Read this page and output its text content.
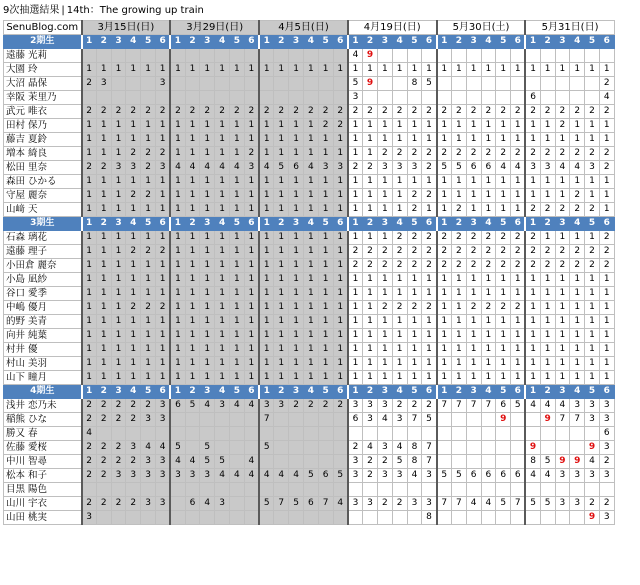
9次抽選結果 | 14th：The growing up train
SenuBlog.com	3月15日(日)						3月29日(日)						4月5日(日)						4月19日(日)						5月30日(土)						5月31日(日)					
2期生	1	2	3	4	5	6	1	2	3	4	5	6	1	2	3	4	5	6	1	2	3	4	5	6	1	2	3	4	5	6	1	2	3	4	5	6
遠藤 光莉																			4	9																
大園 玲	1	1	1	1	1	1	1	1	1	1	1	1	1	1	1	1	1	1	1	1	1	1	1	1	1	1	1	1	1	1	1	1	1	1	1	1
大沼 晶保	2	3				3													5	9			8	5												2
幸阪 茉里乃																			3												6					4
武元 唯衣	2	2	2	2	2	2	2	2	2	2	2	2	2	2	2	2	2	2	2	2	2	2	2	2	2	2	2	2	2	2	2	2	2	2	2	2
田村 保乃	1	1	1	1	1	1	1	1	1	1	1	1	1	1	1	1	2	2	1	1	1	1	1	1	1	1	1	1	1	1	1	1	2	1	1	1
藤吉 夏鈴	1	1	1	1	1	1	1	1	1	1	1	1	1	1	1	1	1	1	1	1	1	1	1	1	1	1	1	1	1	1	1	1	1	1	1	1
増本 綺良	1	1	1	2	2	2	1	1	1	1	1	2	1	1	1	1	1	1	1	1	2	2	2	2	2	2	2	2	2	2	2	2	2	2	2	2
松田 里奈	2	2	3	3	2	3	4	4	4	4	4	3	4	5	6	4	3	3	2	2	3	3	3	2	5	5	6	6	4	4	3	3	4	4	3	2
森田 ひかる	1	1	1	1	1	1	1	1	1	1	1	1	1	1	1	1	1	1	1	1	1	1	1	1	1	1	1	1	1	1	1	1	1	1	1	1
守屋 麗奈	1	1	1	2	2	1	1	1	1	1	1	1	1	1	1	1	1	1	1	1	1	1	2	2	1	1	1	1	1	1	1	1	1	2	1	1
山﨑 天	1	1	1	1	1	1	1	1	1	1	1	1	1	1	1	1	1	1	1	1	1	1	2	1	1	2	1	1	1	1	2	2	2	2	2	1
3期生	1	2	3	4	5	6	1	2	3	4	5	6	1	2	3	4	5	6	1	2	3	4	5	6	1	2	3	4	5	6	1	2	3	4	5	6
石森 璃花	1	1	1	1	1	1	1	1	1	1	1	1	1	1	1	1	1	1	1	1	1	2	2	2	2	2	2	2	2	2	2	1	1	1	1	2
遠藤 理子	1	1	1	2	2	2	1	1	1	1	1	1	1	1	1	1	1	1	2	2	2	2	2	2	2	2	2	2	2	2	2	2	2	2	2	2
小田倉 麗奈	1	1	1	1	1	1	1	1	1	1	1	1	1	1	1	1	1	1	2	2	2	2	2	2	2	2	2	2	2	2	2	2	2	2	2	2
小島 凪紗	1	1	1	1	1	1	1	1	1	1	1	1	1	1	1	1	1	1	1	1	1	1	1	1	1	1	1	1	1	1	1	1	1	1	1	1
谷口 愛季	1	1	1	1	1	1	1	1	1	1	1	1	1	1	1	1	1	1	1	1	1	1	1	1	1	1	1	1	1	1	1	1	1	1	1	1
中嶋 優月	1	1	1	2	2	2	1	1	1	1	1	1	1	1	1	1	1	1	1	1	2	2	2	2	1	1	2	2	2	2	1	1	1	1	1	1
的野 美青	1	1	1	1	1	1	1	1	1	1	1	1	1	1	1	1	1	1	1	1	1	1	1	1	1	1	1	1	1	1	1	1	1	1	1	1
向井 純葉	1	1	1	1	1	1	1	1	1	1	1	1	1	1	1	1	1	1	1	1	1	1	1	1	1	1	1	1	1	1	1	1	1	1	1	1
村井 優	1	1	1	1	1	1	1	1	1	1	1	1	1	1	1	1	1	1	1	1	1	1	1	1	1	1	1	1	1	1	1	1	1	1	1	1
村山 美羽	1	1	1	1	1	1	1	1	1	1	1	1	1	1	1	1	1	1	1	1	1	1	1	1	1	1	1	1	1	1	1	1	1	1	1	1
山下 瞳月	1	1	1	1	1	1	1	1	1	1	1	1	1	1	1	1	1	1	1	1	1	1	1	1	1	1	1	1	1	1	1	1	1	1	1	1
4期生	1	2	3	4	5	6	1	2	3	4	5	6	1	2	3	4	5	6	1	2	3	4	5	6	1	2	3	4	5	6	1	2	3	4	5	6
浅井 恋乃未	2	2	2	2	2	3	6	5	4	3	4	4	3	3	2	2	2	2	3	3	3	2	2	2	7	7	7	7	6	5	4	4	4	3	3	3
稲熊 ひな	2	2	2	2	3	3							7						6	3	4	3	7	5					9			9	7	7	3	3
勝又 春	4																																			6
佐藤 愛桜	2	2	2	3	4	4	5		5				5						2	4	3	4	8	7							9				9	3
中川 智尋	2	2	2	2	3	3	4	4	5	5		4							3	2	2	5	8	7							8	5	9	9	4	2
松本 和子	2	2	3	3	3	3	3	3	3	4	4	4	4	4	4	5	6	5	3	2	3	3	4	3	5	5	6	6	6	6	4	4	3	3	3	3
目黒 陽色																																				
山川 宇衣	2	2	2	2	3	3		6	4	3			5	7	5	6	7	4	3	3	2	2	3	3	7	7	4	4	5	7	5	5	3	3	2	2
山田 桃実	3																							8											9	3
